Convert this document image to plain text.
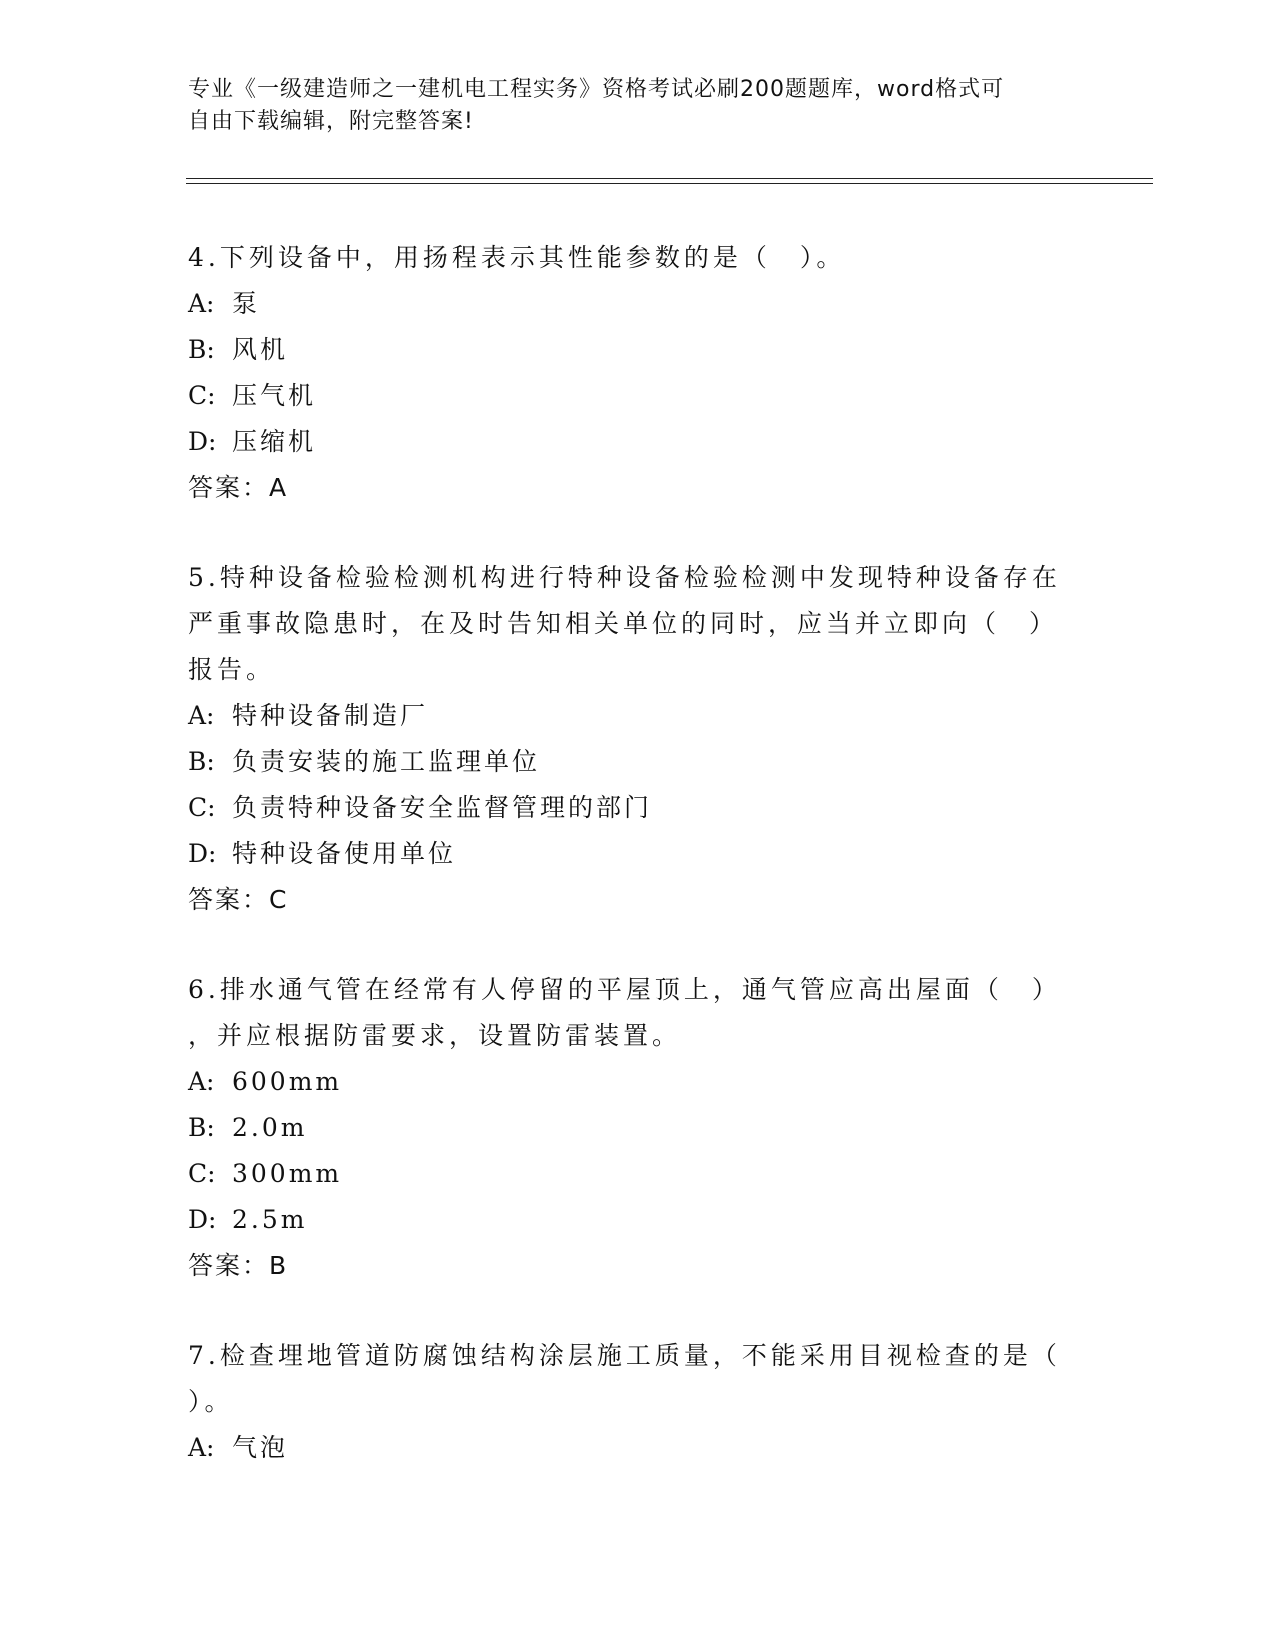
专业《一级建造师之一建机电工程实务》资格考试必刷200题题库，word格式可
自由下载编辑，附完整答案!

4.下列设备中，用扬程表示其性能参数的是（　）。

A: 泵

B: 风机

C: 压气机

D: 压缩机

答案：A

5.特种设备检验检测机构进行特种设备检验检测中发现特种设备存在

严重事故隐患时，在及时告知相关单位的同时，应当并立即向（　）

报告。

A: 特种设备制造厂

B: 负责安装的施工监理单位

C: 负责特种设备安全监督管理的部门

D: 特种设备使用单位

答案：C

6.排水通气管在经常有人停留的平屋顶上，通气管应高出屋面（　）

，并应根据防雷要求，设置防雷装置。

A: 600mm

B: 2.0m

C: 300mm

D: 2.5m

答案：B

7.检查埋地管道防腐蚀结构涂层施工质量，不能采用目视检查的是（

）。

A: 气泡
